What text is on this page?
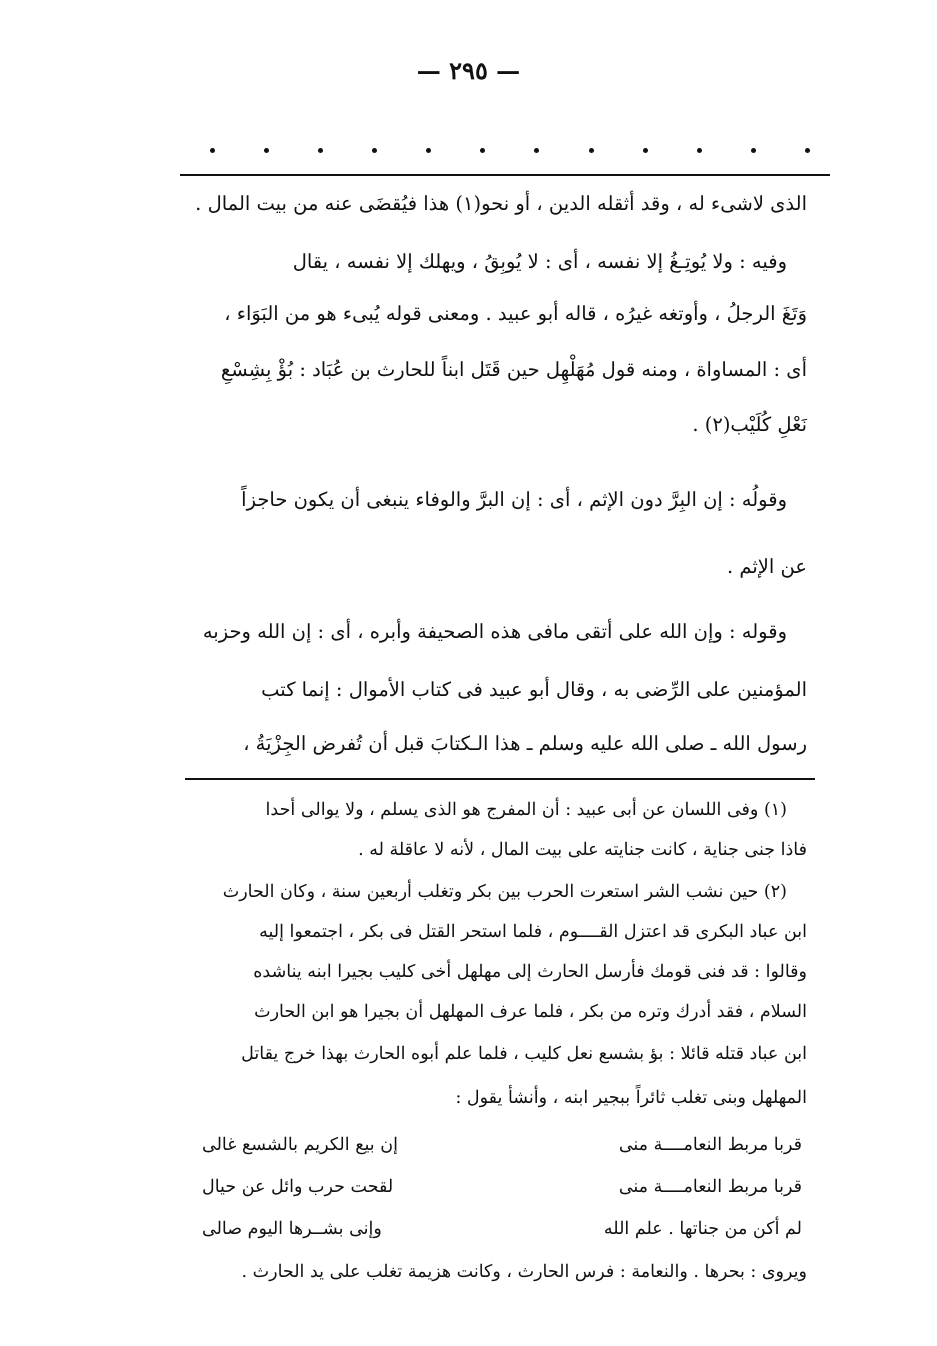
— ٢٩٥ —
الذى لاشىء له ، وقد أثقله الدين ، أو نحو(١) هذا فيُقضَى عنه من بيت المال .
وفيه : ولا يُوتِـغُ إلا نفسه ، أى : لا يُوبِقُ ، ويهلك إلا نفسه ، يقال
وَتَغَ الرجلُ ، وأوتغه غيرُه ، قاله أبو عبيد . ومعنى قوله يُبىء هو من البَوَاء ،
أى : المساواة ، ومنه قول مُهَلْهِل حين قَتَل ابناً للحارث بن عُبَاد : بُؤْ بِشِسْعِ
نَعْلِ كُلَيْب(٢) .
وقولُه : إن البِرَّ دون الإثم ، أى : إن البرَّ والوفاء ينبغى أن يكون حاجزاً
عن الإثم .
وقوله : وإن الله على أتقى مافى هذه الصحيفة وأبره ، أى : إن الله وحزبه
المؤمنين على الرِّضى به ، وقال أبو عبيد فى كتاب الأموال : إنما كتب
رسول الله ـ صلى الله عليه وسلم ـ هذا الـكتابَ قبل أن تُفرض الجِزْيَةُ ،
(١) وفى اللسان عن أبى عبيد : أن المفرج هو الذى يسلم ، ولا يوالى أحدا
فاذا جنى جناية ، كانت جنايته على بيت المال ، لأنه لا عاقلة له .
(٢) حين نشب الشر استعرت الحرب بين بكر وتغلب أربعين سنة ، وكان الحارث
ابن عباد البكرى قد اعتزل القــــوم ، فلما استحر القتل فى بكر ، اجتمعوا إليه
وقالوا : قد فنى قومك فأرسل الحارث إلى مهلهل أخى كليب بجيرا ابنه يناشده
السلام ، فقد أدرك وتره من بكر ، فلما عرف المهلهل أن بجيرا هو ابن الحارث
ابن عباد قتله قائلا : بؤ بشسع نعل كليب ، فلما علم أبوه الحارث بهذا خرج يقاتل
المهلهل وبنى تغلب ثائراً ببجير ابنه ، وأنشأ يقول :
قربا مربط النعامــــة منى
إن بيع الكريم بالشسع غالى
قربا مربط النعامــــة منى
لقحت حرب وائل عن حيال
لم أكن من جناتها . علم الله
وإنى بشــرها اليوم صالى
ويروى : بحرها . والنعامة : فرس الحارث ، وكانت هزيمة تغلب على يد الحارث .
